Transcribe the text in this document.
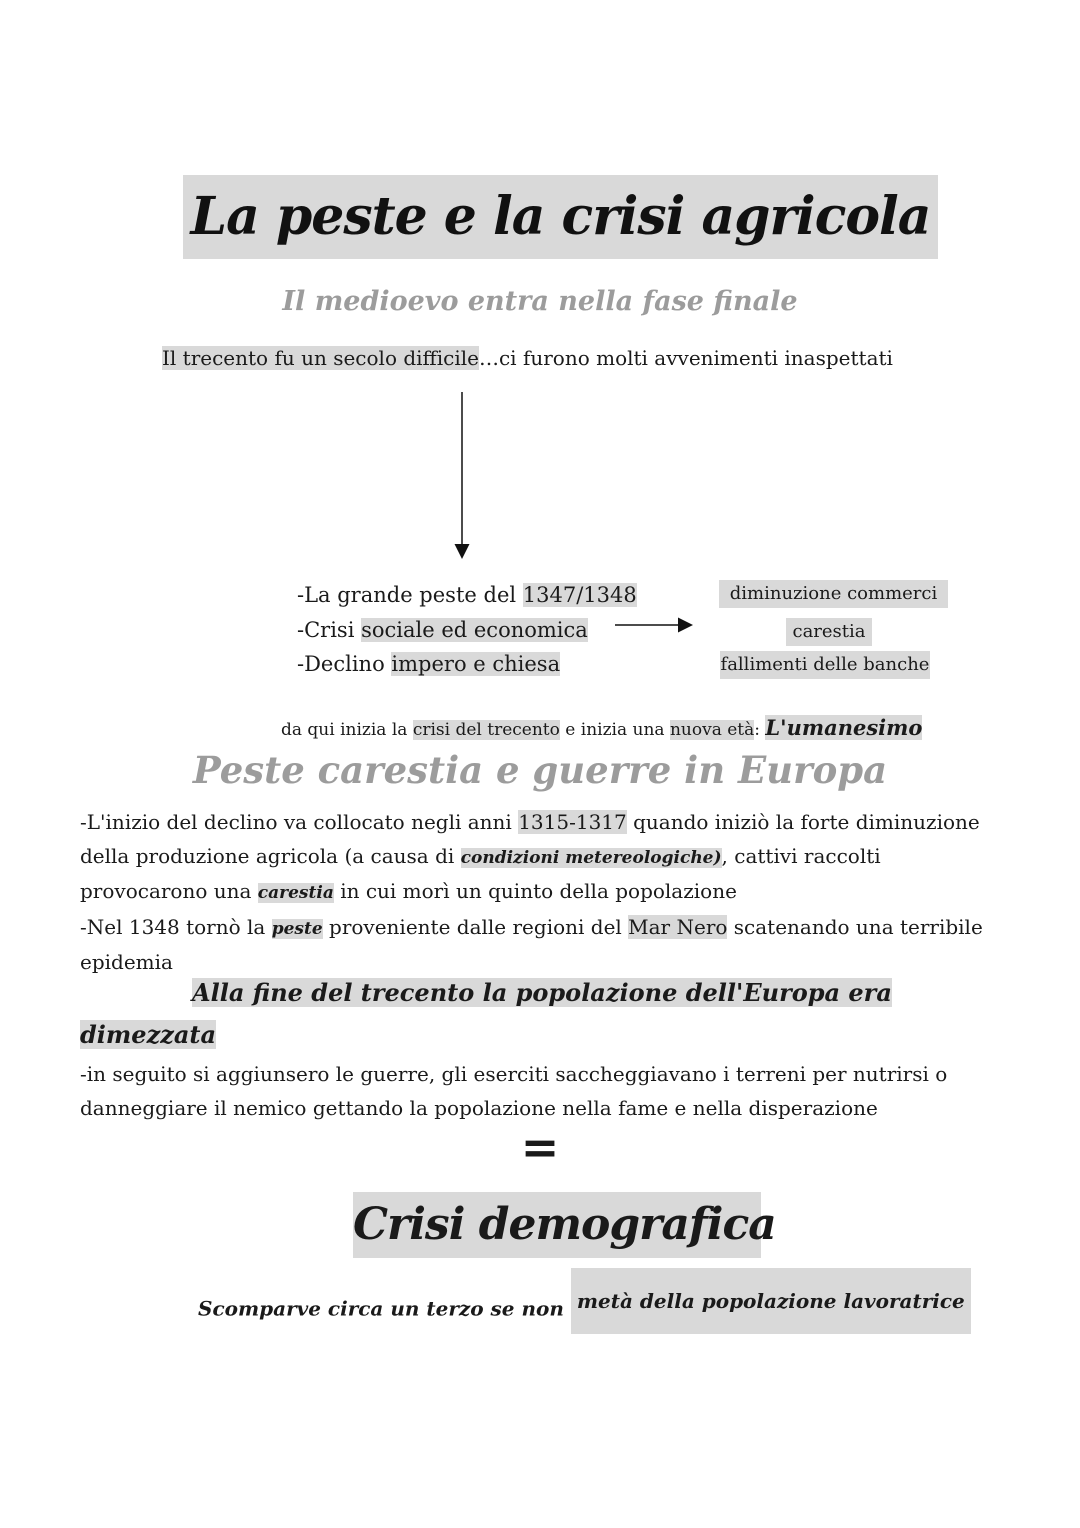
La peste e la crisi agricola
Il medioevo entra nella fase finale
Il trecento fu un secolo difficile…ci furono molti avvenimenti inaspettati
-La grande peste del 1347/1348
-Crisi sociale ed economica
-Declino impero e chiesa
diminuzione commerci
carestia
fallimenti delle banche
da qui inizia la crisi del trecento e inizia una nuova età: L'umanesimo
Peste carestia e guerre in Europa
-L'inizio del declino va collocato negli anni 1315-1317 quando iniziò la forte diminuzione della produzione agricola (a causa di condizioni metereologiche), cattivi raccolti provocarono una carestia in cui morì un quinto della popolazione
-Nel 1348 tornò la peste proveniente dalle regioni del Mar Nero scatenando una terribile epidemia
Alla fine del trecento la popolazione dell'Europa era
dimezzata
-in seguito si aggiunsero le guerre, gli eserciti saccheggiavano i terreni per nutrirsi o danneggiare il nemico gettando la popolazione nella fame e nella disperazione
=
Crisi demografica
Scomparve circa un terzo se non metà della popolazione lavoratrice
